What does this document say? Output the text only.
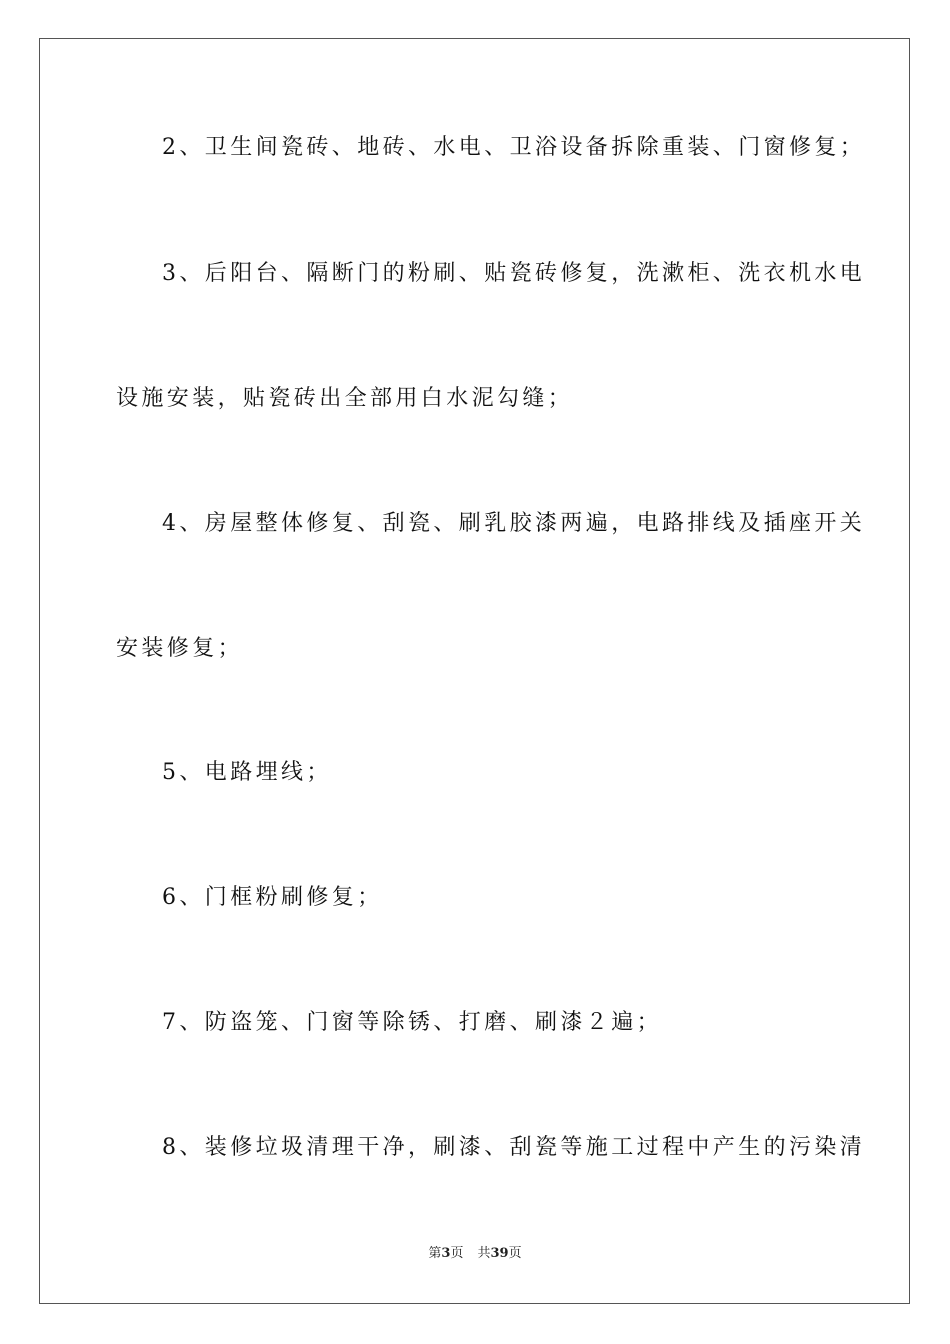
2、卫生间瓷砖、地砖、水电、卫浴设备拆除重装、门窗修复；
3、后阳台、隔断门的粉刷、贴瓷砖修复，洗漱柜、洗衣机水电
设施安装，贴瓷砖出全部用白水泥勾缝；
4、房屋整体修复、刮瓷、刷乳胶漆两遍，电路排线及插座开关
安装修复；
5、电路埋线；
6、门框粉刷修复；
7、防盗笼、门窗等除锈、打磨、刷漆２遍；
8、装修垃圾清理干净，刷漆、刮瓷等施工过程中产生的污染清
第3页 共39页
